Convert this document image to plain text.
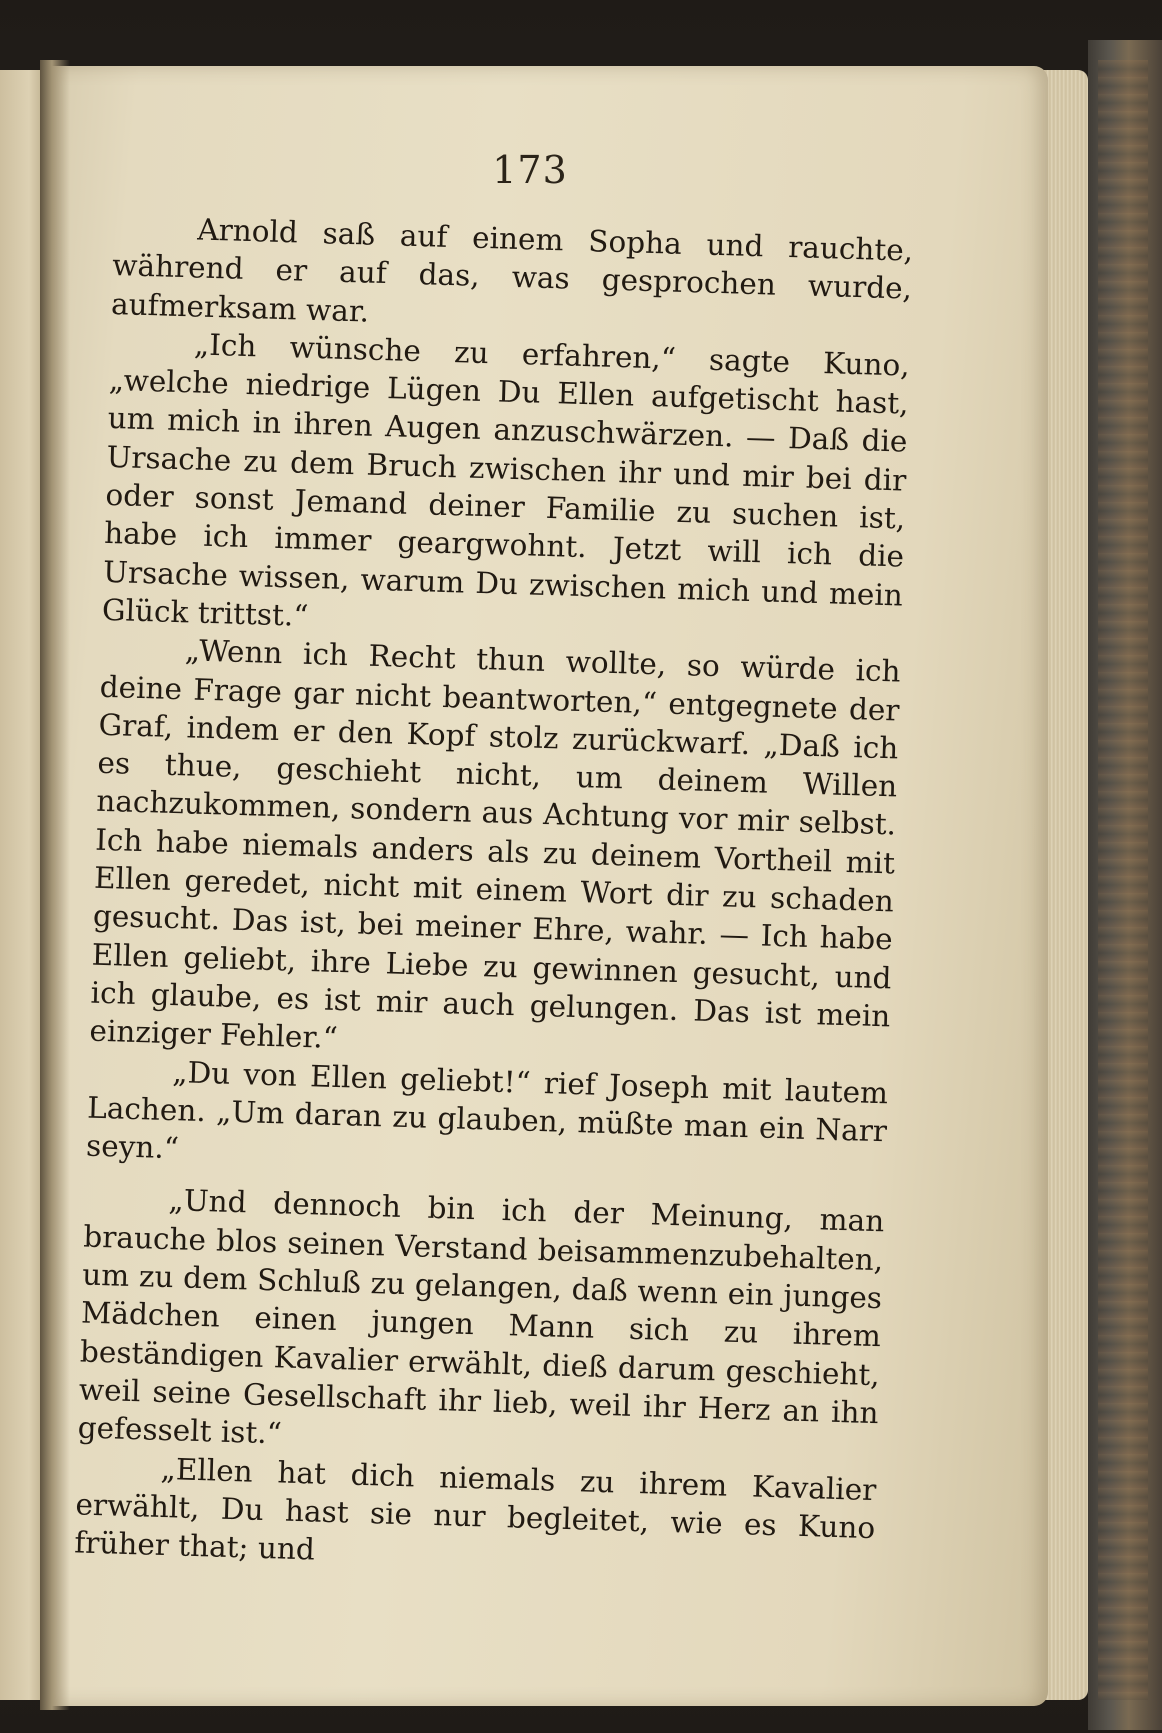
173

Arnold saß auf einem Sopha und rauchte, während er auf das, was gesprochen wurde, aufmerksam war.

„Ich wünsche zu erfahren,“ sagte Kuno, „welche niedrige Lügen Du Ellen aufgetischt hast, um mich in ihren Augen anzuschwärzen. — Daß die Ursache zu dem Bruch zwischen ihr und mir bei dir oder sonst Jemand deiner Familie zu suchen ist, habe ich immer geargwohnt. Jetzt will ich die Ursache wissen, warum Du zwischen mich und mein Glück trittst.“

„Wenn ich Recht thun wollte, so würde ich deine Frage gar nicht beantworten,“ entgegnete der Graf, indem er den Kopf stolz zurückwarf. „Daß ich es thue, geschieht nicht, um deinem Willen nachzukommen, sondern aus Achtung vor mir selbst. Ich habe niemals anders als zu deinem Vortheil mit Ellen geredet, nicht mit einem Wort dir zu schaden gesucht. Das ist, bei meiner Ehre, wahr. — Ich habe Ellen geliebt, ihre Liebe zu gewinnen gesucht, und ich glaube, es ist mir auch gelungen. Das ist mein einziger Fehler.“

„Du von Ellen geliebt!“ rief Joseph mit lautem Lachen. „Um daran zu glauben, müßte man ein Narr seyn.“

„Und dennoch bin ich der Meinung, man brauche blos seinen Verstand beisammenzubehalten, um zu dem Schluß zu gelangen, daß wenn ein junges Mädchen einen jungen Mann sich zu ihrem beständigen Kavalier erwählt, dieß darum geschieht, weil seine Gesellschaft ihr lieb, weil ihr Herz an ihn gefesselt ist.“

„Ellen hat dich niemals zu ihrem Kavalier erwählt, Du hast sie nur begleitet, wie es Kuno früher that; und
